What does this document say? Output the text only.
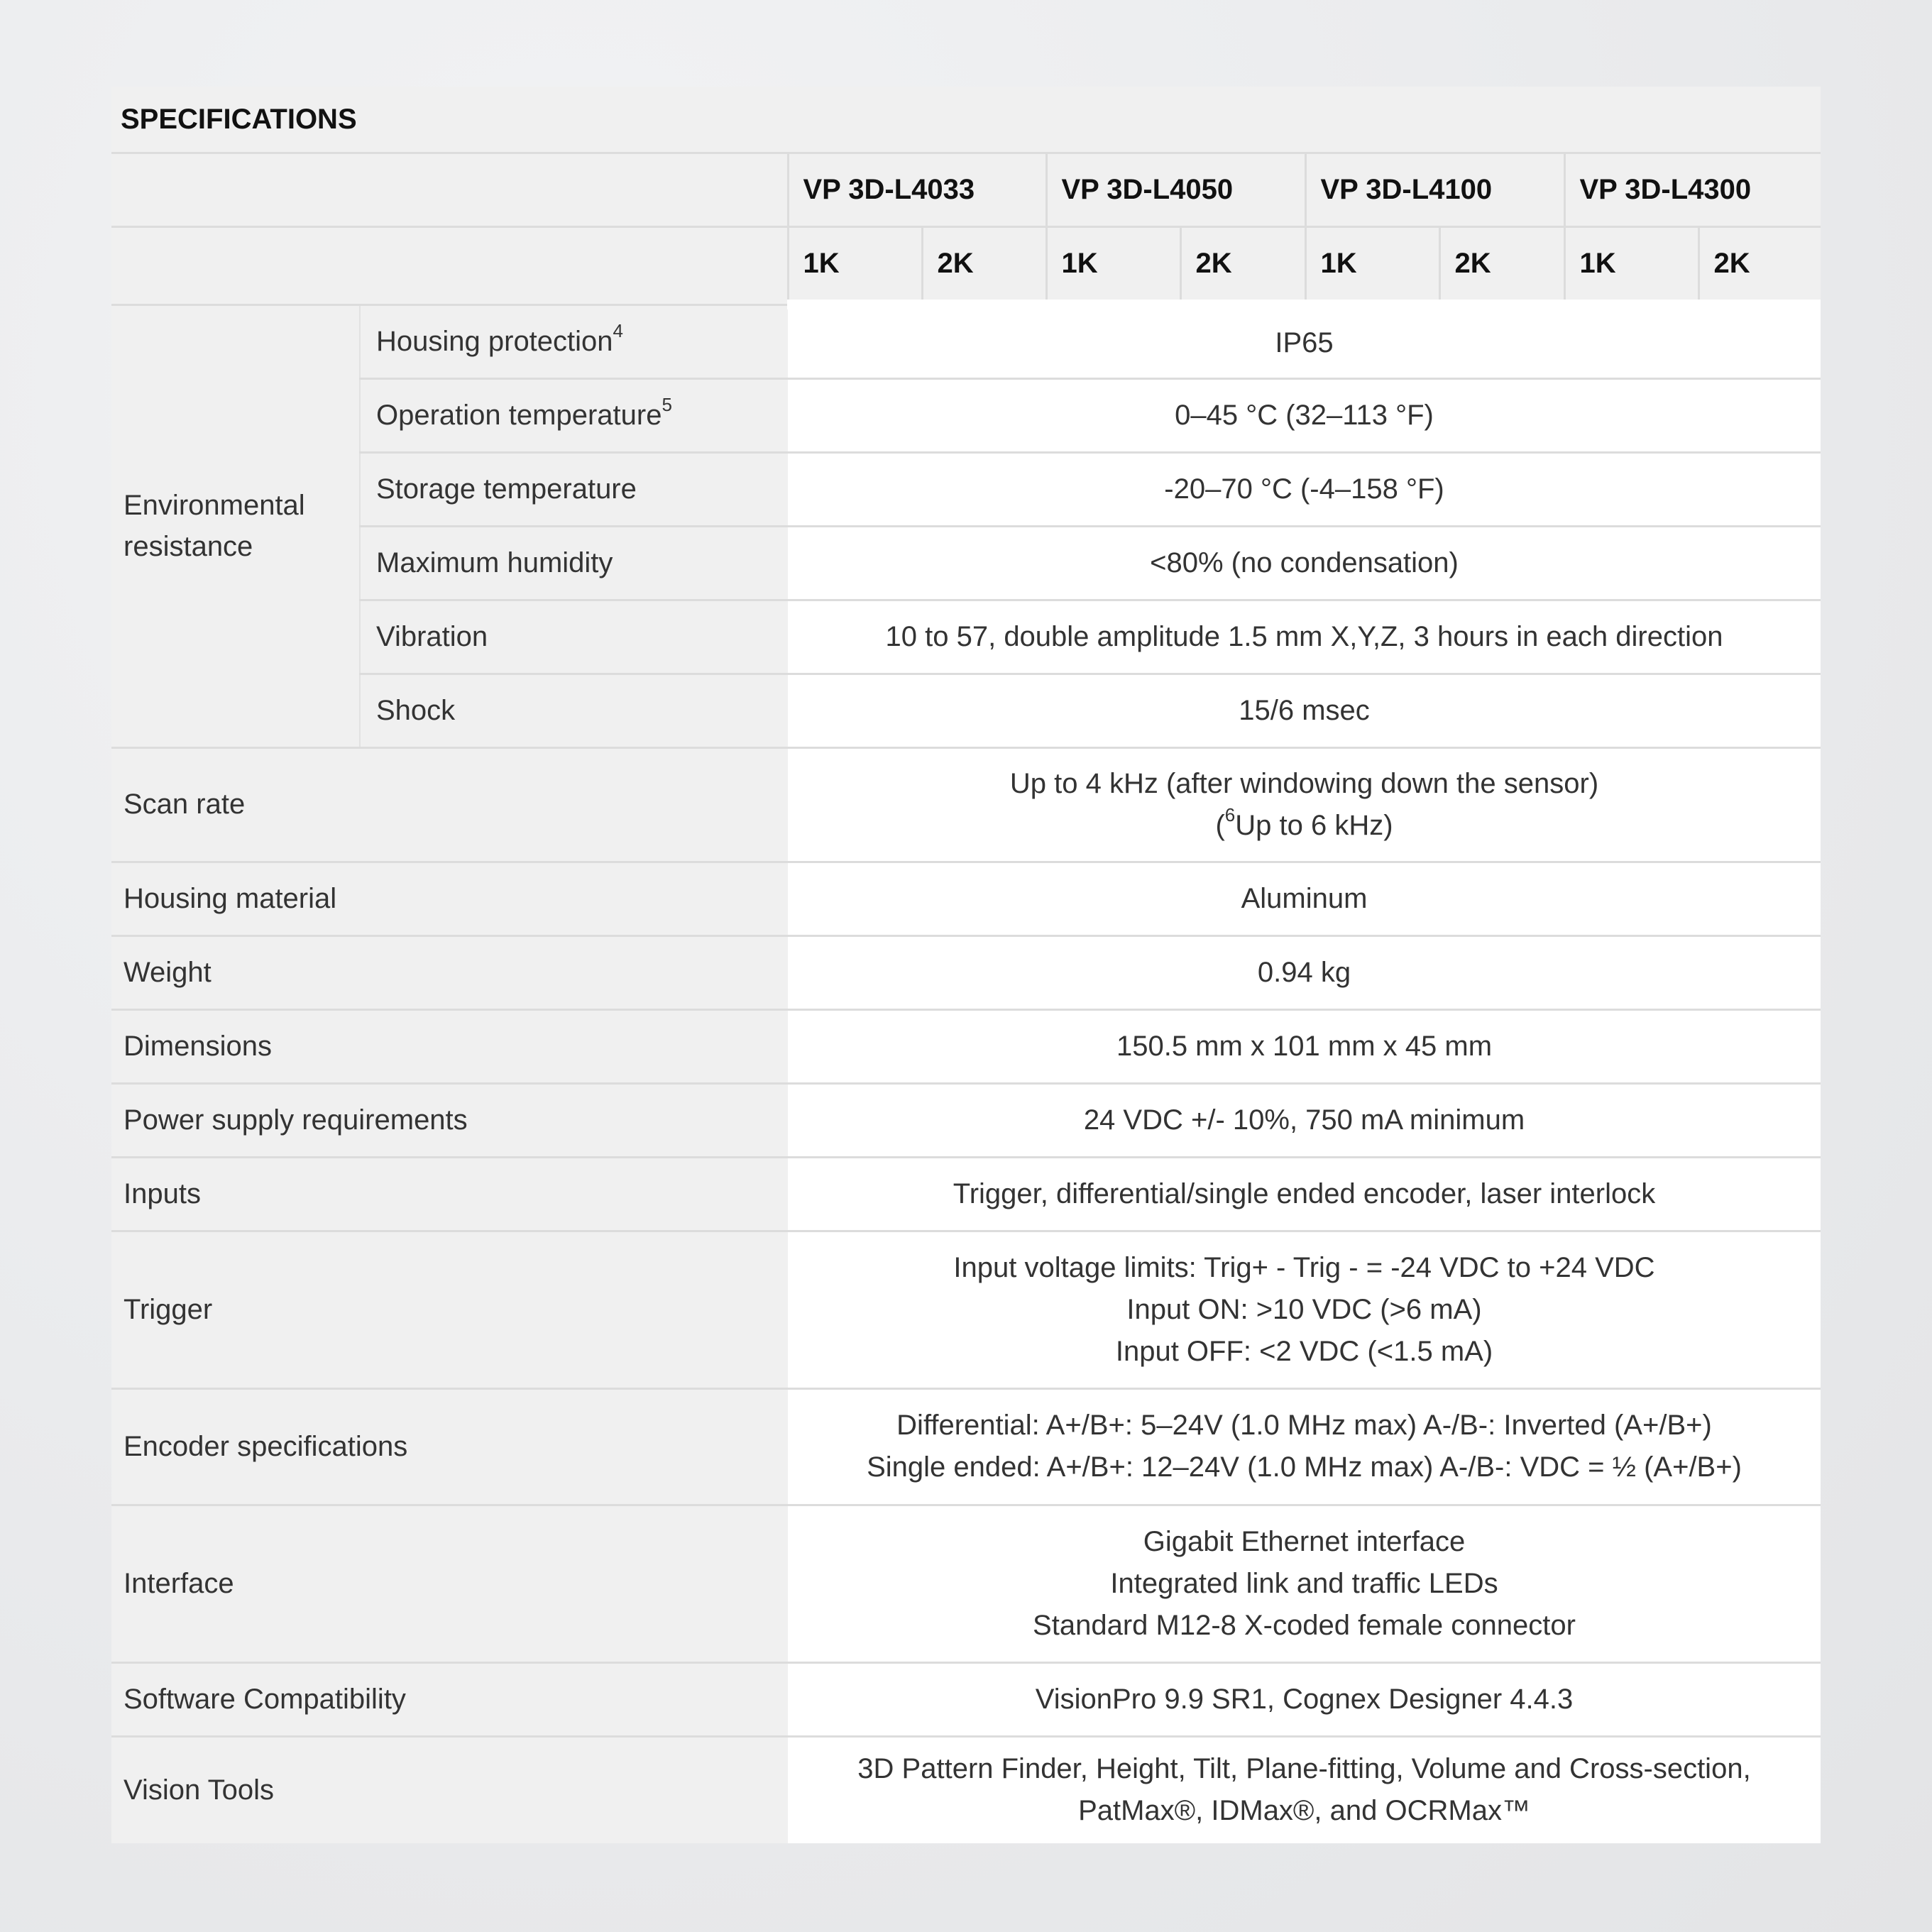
SPECIFICATIONS
		VP 3D-L4033		VP 3D-L4050		VP 3D-L4100		VP 3D-L4300	
		1K	2K	1K	2K	1K	2K	1K	2K
Environmental
resistance	Housing protection$^4$	IP65							
	Operation temperature$^5$	0–45 °C (32–113 °F)							
	Storage temperature	-20–70 °C (-4–158 °F)							
	Maximum humidity	<80% (no condensation)							
	Vibration	10 to 57, double amplitude 1.5 mm X,Y,Z, 3 hours in each direction							
	Shock	15/6 msec							
Scan rate		Up to 4 kHz (after windowing down the sensor)
($^6$Up to 6 kHz)							
Housing material		Aluminum							
Weight		0.94 kg							
Dimensions		150.5 mm x 101 mm x 45 mm							
Power supply requirements		24 VDC +/- 10%, 750 mA minimum							
Inputs		Trigger, differential/single ended encoder, laser interlock							
Trigger		Input voltage limits: Trig+ - Trig - = -24 VDC to +24 VDC
Input ON: >10 VDC (>6 mA)
Input OFF: <2 VDC (<1.5 mA)							
Encoder specifications		Differential: A+/B+: 5–24V (1.0 MHz max) A-/B-: Inverted (A+/B+)
Single ended: A+/B+: 12–24V (1.0 MHz max) A-/B-: VDC = ½ (A+/B+)							
Interface		Gigabit Ethernet interface
Integrated link and traffic LEDs
Standard M12-8 X-coded female connector							
Software Compatibility		VisionPro 9.9 SR1, Cognex Designer 4.4.3							
Vision Tools		3D Pattern Finder, Height, Tilt, Plane-fitting, Volume and Cross-section,
PatMax®, IDMax®, and OCRMax™							
